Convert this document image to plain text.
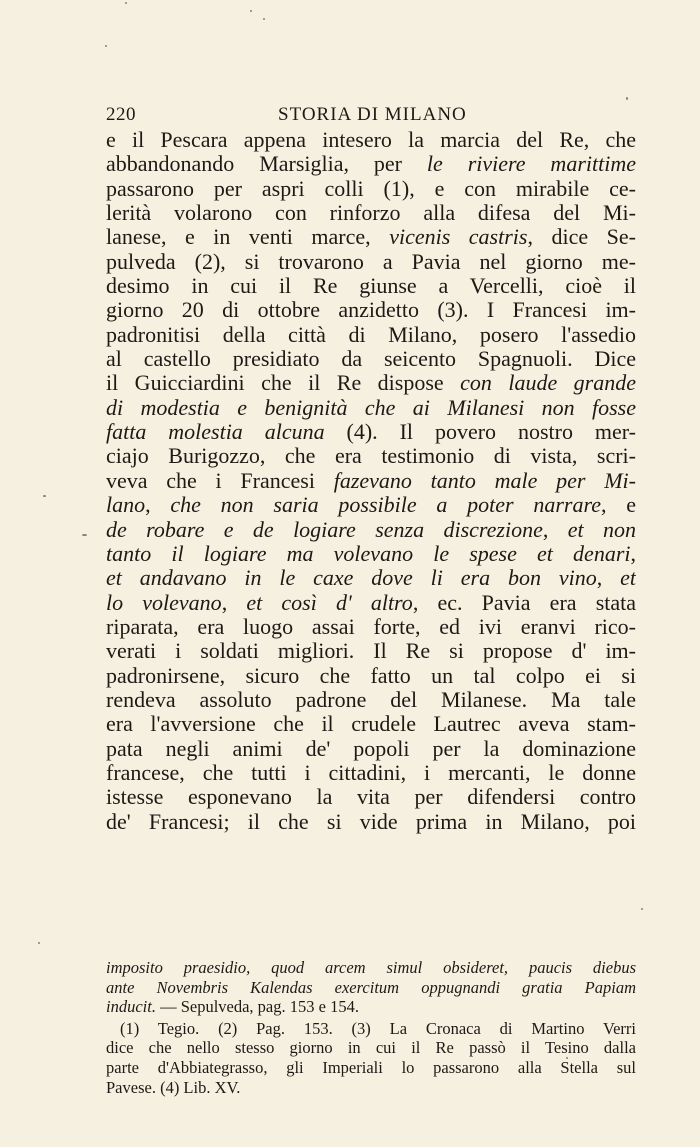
220	STORIA DI MILANO
e il Pescara appena intesero la marcia del Re, che
abbandonando Marsiglia, per le riviere marittime
passarono per aspri colli (1), e con mirabile ce-
lerità volarono con rinforzo alla difesa del Mi-
lanese, e in venti marce, vicenis castris, dice Se-
pulveda (2), si trovarono a Pavia nel giorno me-
desimo in cui il Re giunse a Vercelli, cioè il
giorno 20 di ottobre anzidetto (3). I Francesi im-
padronitisi della città di Milano, posero l'assedio
al castello presidiato da seicento Spagnuoli. Dice
il Guicciardini che il Re dispose con laude grande
di modestia e benignità che ai Milanesi non fosse
fatta molestia alcuna (4). Il povero nostro mer-
ciajo Burigozzo, che era testimonio di vista, scri-
veva che i Francesi fazevano tanto male per Mi-
lano, che non saria possibile a poter narrare, e
de robare e de logiare senza discrezione, et non
tanto il logiare ma volevano le spese et denari,
et andavano in le caxe dove li era bon vino, et
lo volevano, et così d' altro, ec. Pavia era stata
riparata, era luogo assai forte, ed ivi eranvi rico-
verati i soldati migliori. Il Re si propose d' im-
padronirsene, sicuro che fatto un tal colpo ei si
rendeva assoluto padrone del Milanese. Ma tale
era l'avversione che il crudele Lautrec aveva stam-
pata negli animi de' popoli per la dominazione
francese, che tutti i cittadini, i mercanti, le donne
istesse esponevano la vita per difendersi contro
de' Francesi; il che si vide prima in Milano, poi
imposito praesidio, quod arcem simul obsideret, paucis diebus
ante Novembris Kalendas exercitum oppugnandi gratia Papiam
inducit. — Sepulveda, pag. 153 e 154.
(1) Tegio. (2) Pag. 153. (3) La Cronaca di Martino Verri
dice che nello stesso giorno in cui il Re passò il Tesino dalla
parte d'Abbiategrasso, gli Imperiali lo passarono alla Stella sul
Pavese. (4) Lib. XV.
